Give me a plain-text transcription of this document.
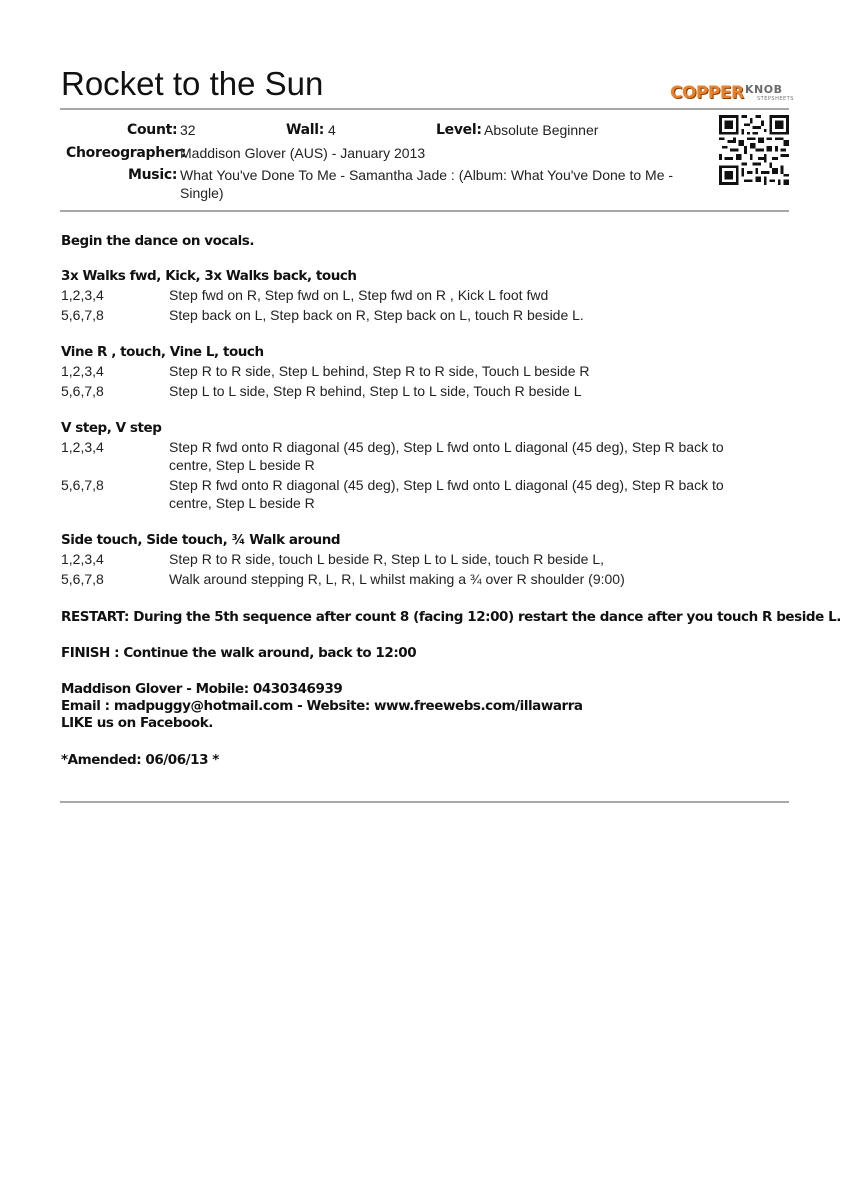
Rocket to the Sun	COPPER KNOB
STEPSHEETS
Count: 32	Wall: 4	Level: Absolute Beginner
Choreographer:
Maddison Glover (AUS) - January 2013
Music: What You've Done To Me - Samantha Jade : (Album: What You've Done to Me -
Single)
Begin the dance on vocals.
3x Walks fwd, Kick, 3x Walks back, touch
1,2,3,4	Step fwd on R, Step fwd on L, Step fwd on R , Kick L foot fwd
5,6,7,8	Step back on L, Step back on R, Step back on L, touch R beside L.
Vine R , touch, Vine L, touch
1,2,3,4	Step R to R side, Step L behind, Step R to R side, Touch L beside R
5,6,7,8	Step L to L side, Step R behind, Step L to L side, Touch R beside L
V step, V step
1,2,3,4	Step R fwd onto R diagonal (45 deg), Step L fwd onto L diagonal (45 deg), Step R back to
centre, Step L beside R
5,6,7,8	Step R fwd onto R diagonal (45 deg), Step L fwd onto L diagonal (45 deg), Step R back to
centre, Step L beside R
Side touch, Side touch, ¾ Walk around
1,2,3,4	Step R to R side, touch L beside R, Step L to L side, touch R beside L,
5,6,7,8	Walk around stepping R, L, R, L whilst making a ¾ over R shoulder (9:00)
RESTART: During the 5th sequence after count 8 (facing 12:00) restart the dance after you touch R beside L.
FINISH : Continue the walk around, back to 12:00
Maddison Glover - Mobile: 0430346939
Email : madpuggy@hotmail.com - Website: www.freewebs.com/illawarra
LIKE us on Facebook.
*Amended: 06/06/13 *
